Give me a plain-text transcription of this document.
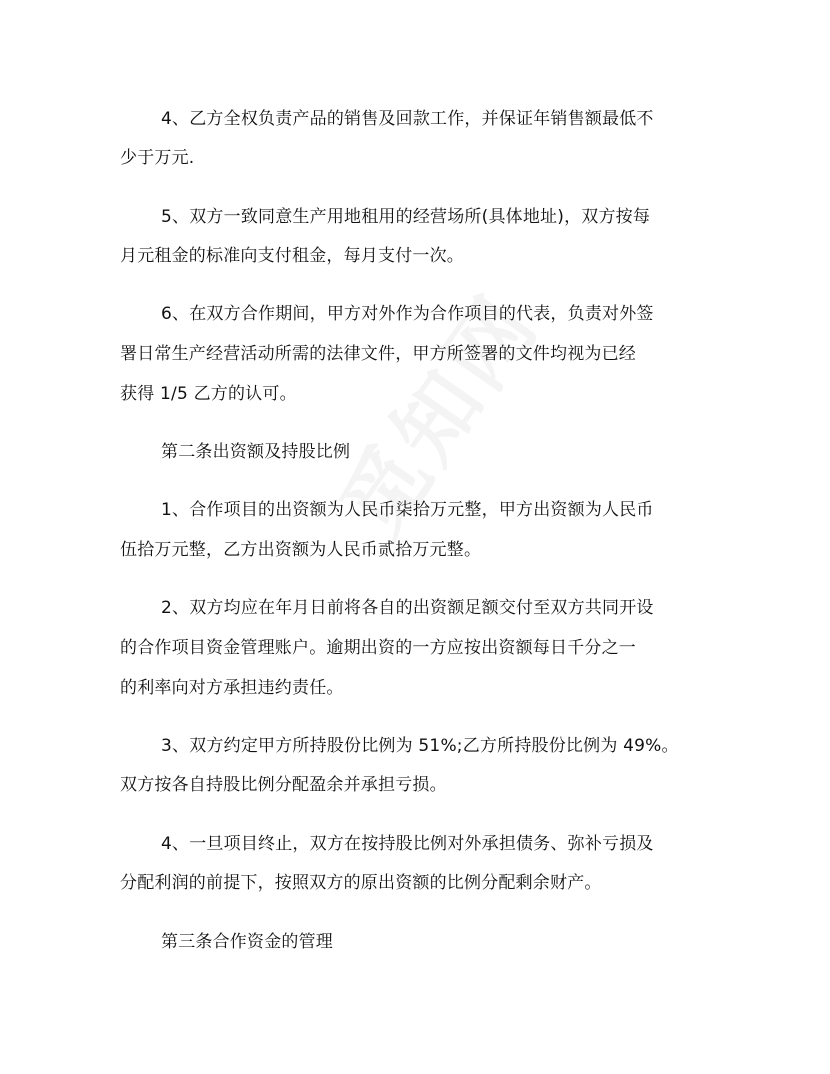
4、乙方全权负责产品的销售及回款工作，并保证年销售额最低不
少于万元.
5、双方一致同意生产用地租用的经营场所(具体地址)，双方按每
月元租金的标准向支付租金，每月支付一次。
6、在双方合作期间，甲方对外作为合作项目的代表，负责对外签
署日常生产经营活动所需的法律文件，甲方所签署的文件均视为已经
获得 1/5 乙方的认可。
第二条出资额及持股比例
1、合作项目的出资额为人民币柒拾万元整，甲方出资额为人民币
伍拾万元整，乙方出资额为人民币贰拾万元整。
2、双方均应在年月日前将各自的出资额足额交付至双方共同开设
的合作项目资金管理账户。逾期出资的一方应按出资额每日千分之一
的利率向对方承担违约责任。
3、双方约定甲方所持股份比例为 51%;乙方所持股份比例为 49%。
双方按各自持股比例分配盈余并承担亏损。
4、一旦项目终止，双方在按持股比例对外承担债务、弥补亏损及
分配利润的前提下，按照双方的原出资额的比例分配剩余财产。
第三条合作资金的管理
